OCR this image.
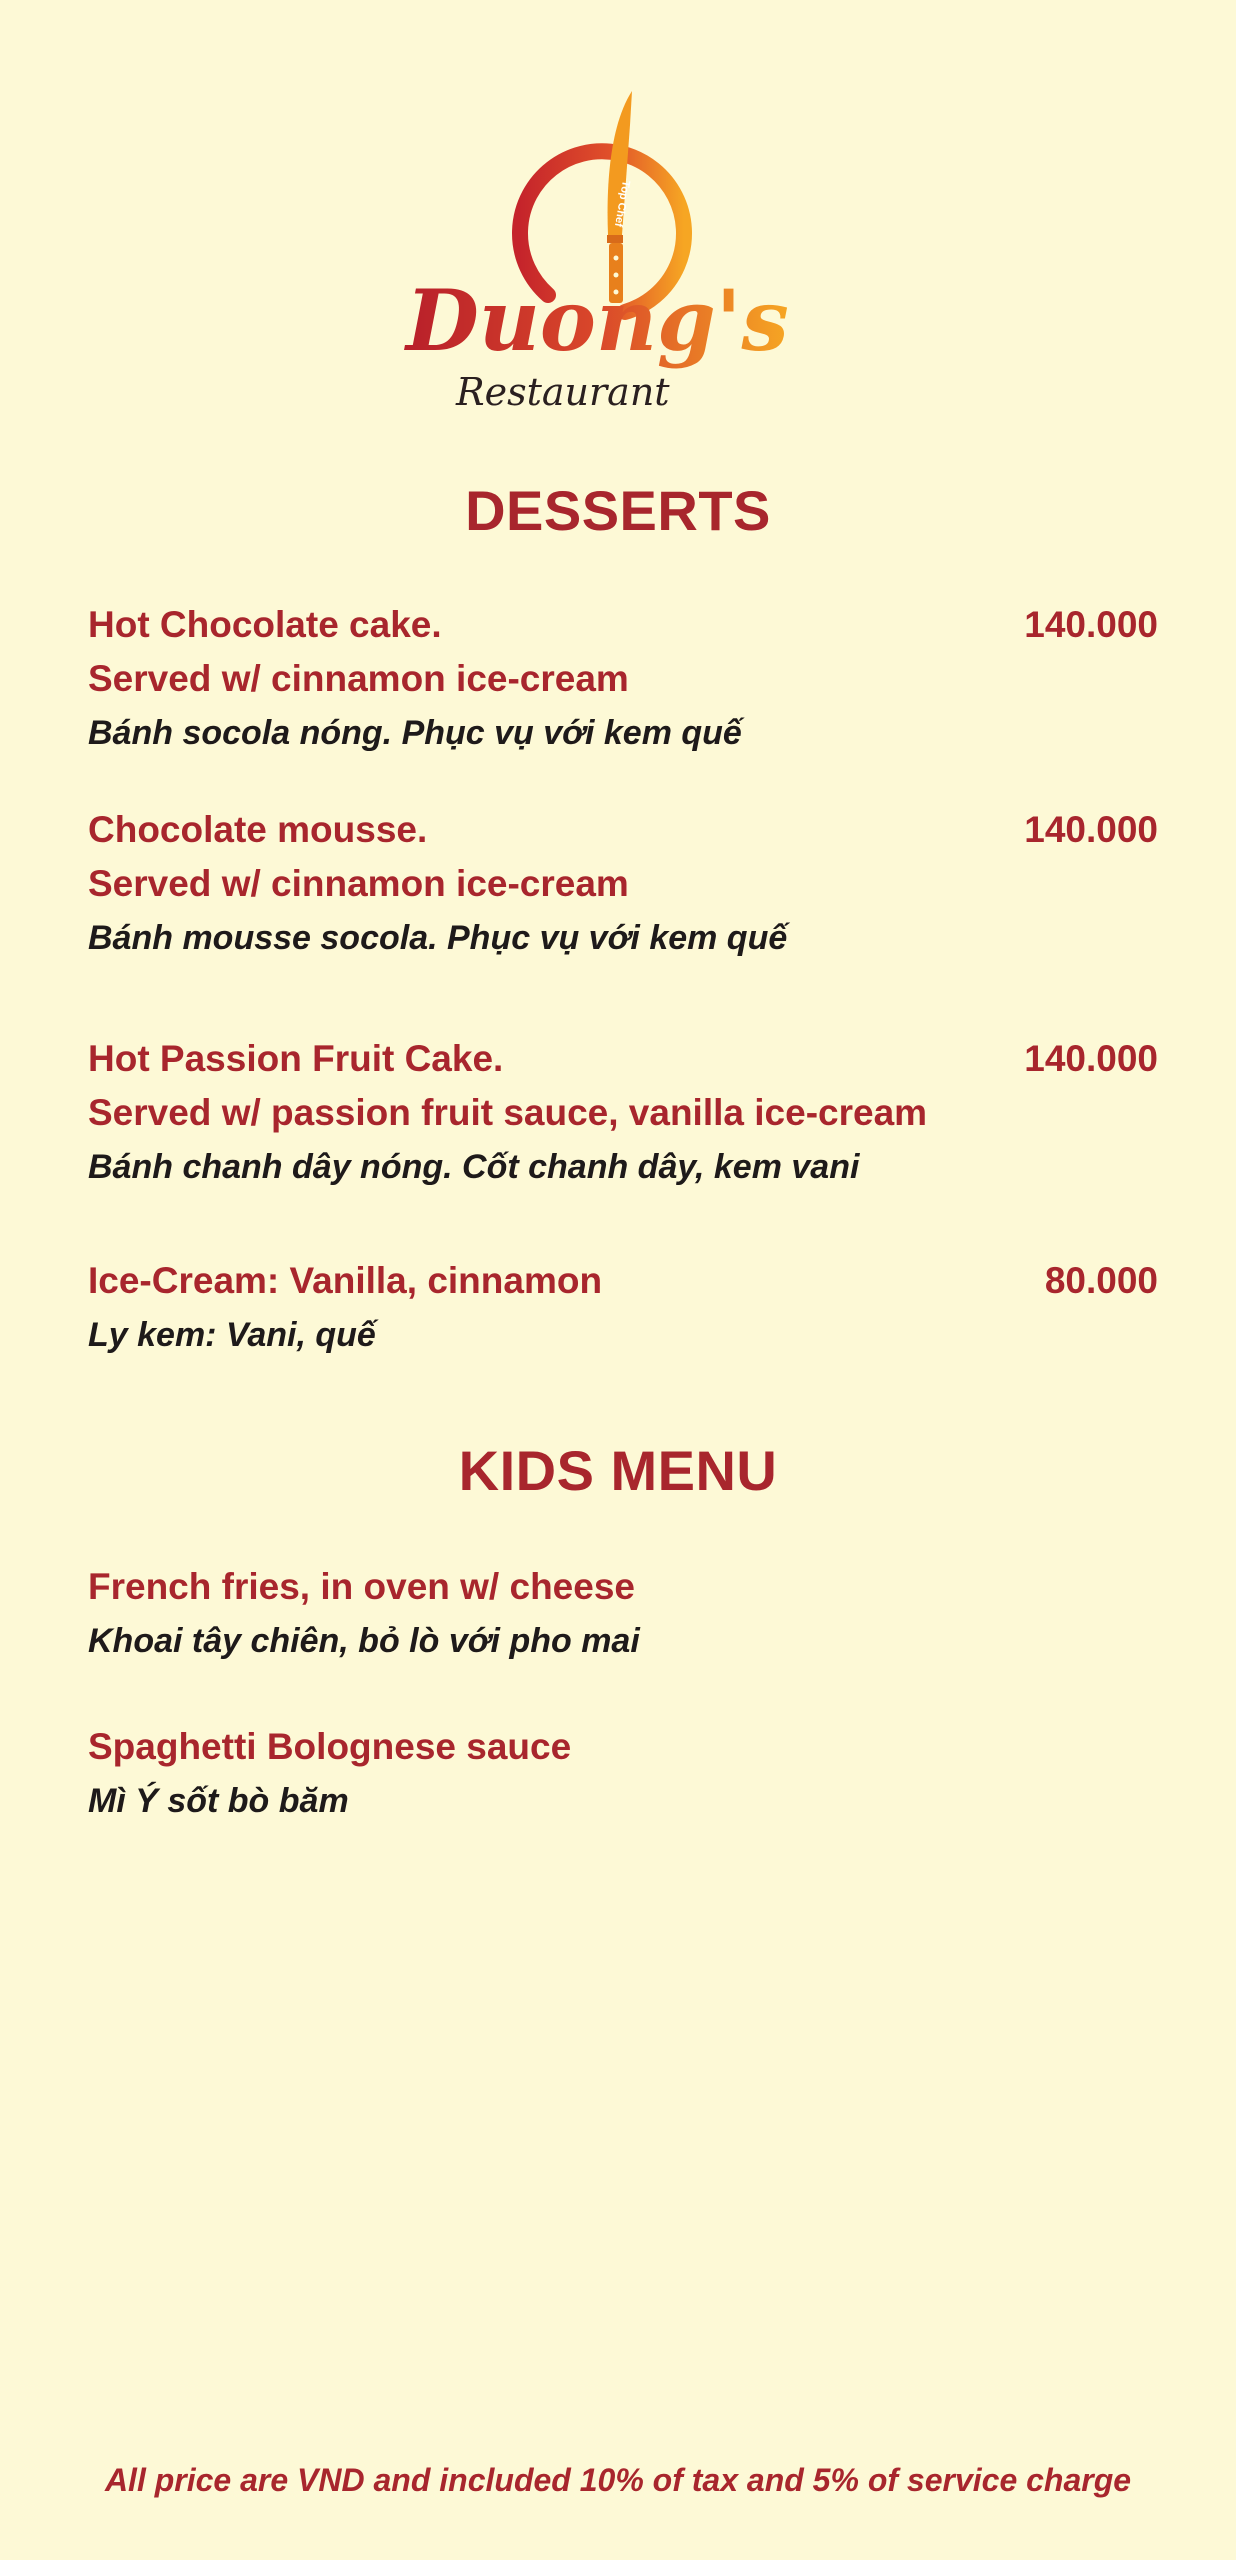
Top Chef
Duong's
Restaurant
DESSERTS
Hot Chocolate cake.
Served w/ cinnamon ice-cream
Bánh socola nóng. Phục vụ với kem quế
140.000
Chocolate mousse.
Served w/ cinnamon ice-cream
Bánh mousse socola. Phục vụ với kem quế
140.000
Hot Passion Fruit Cake.
Served w/ passion fruit sauce, vanilla ice-cream
Bánh chanh dây nóng. Cốt chanh dây, kem vani
140.000
Ice-Cream: Vanilla, cinnamon
Ly kem: Vani, quế
80.000
KIDS MENU
French fries, in oven w/ cheese
Khoai tây chiên, bỏ lò với pho mai
Spaghetti Bolognese sauce
Mì Ý sốt bò băm
All price are VND and included 10% of tax and 5% of service charge
